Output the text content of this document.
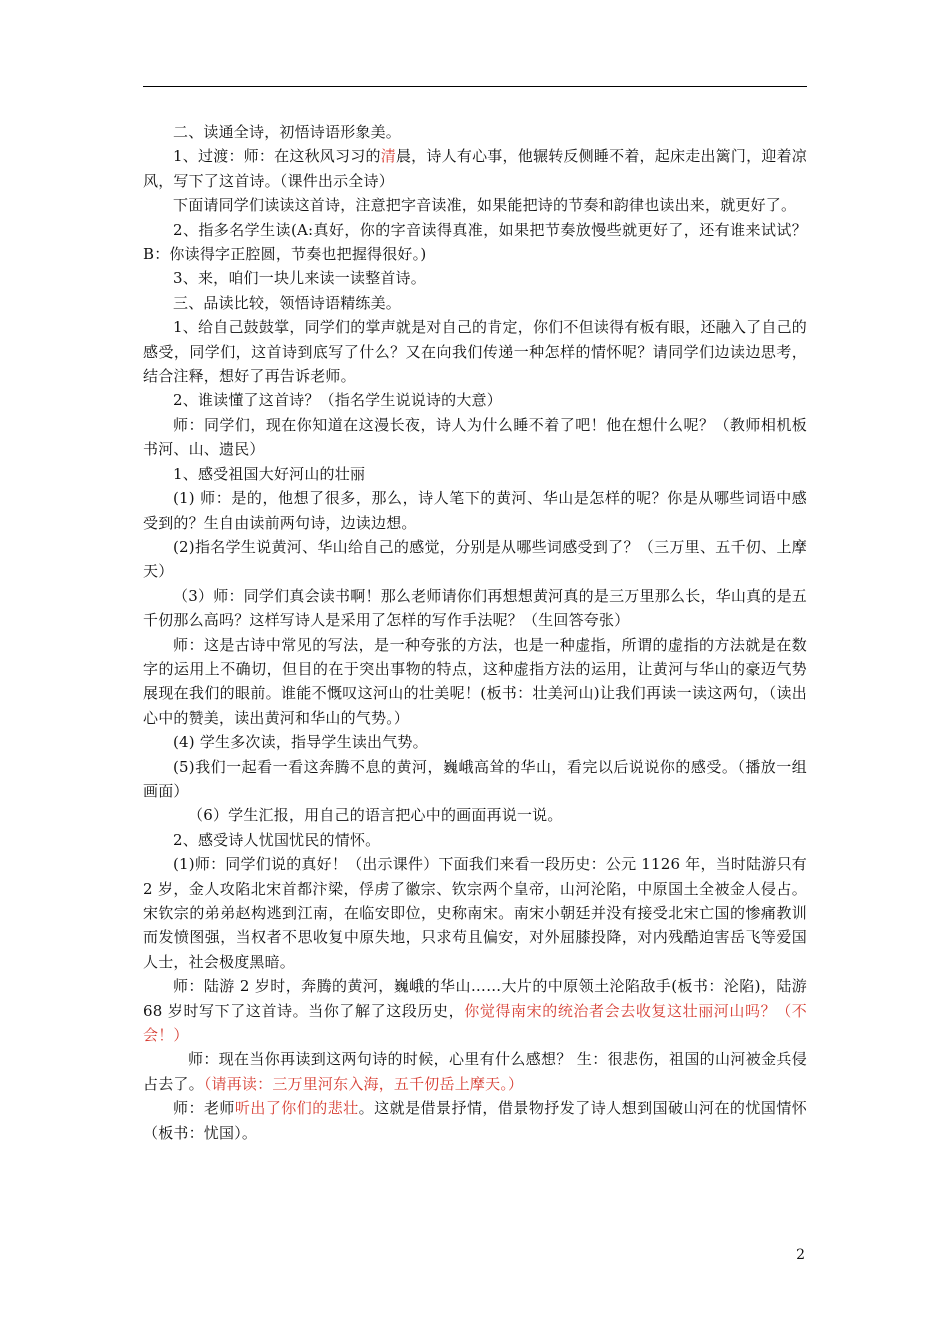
二、读通全诗，初悟诗语形象美。

1、过渡：师：在这秋风习习的清晨，诗人有心事，他辗转反侧睡不着，起床走出篱门，迎着凉风，写下了这首诗。（课件出示全诗）

下面请同学们读读这首诗，注意把字音读准，如果能把诗的节奏和韵律也读出来，就更好了。

2、指多名学生读(A:真好，你的字音读得真准，如果把节奏放慢些就更好了，还有谁来试试？B：你读得字正腔圆，节奏也把握得很好。)

3、来，咱们一块儿来读一读整首诗。

三、品读比较，领悟诗语精练美。

1、给自己鼓鼓掌，同学们的掌声就是对自己的肯定，你们不但读得有板有眼，还融入了自己的感受，同学们，这首诗到底写了什么？又在向我们传递一种怎样的情怀呢？请同学们边读边思考，结合注释，想好了再告诉老师。

2、谁读懂了这首诗？（指名学生说说诗的大意）

师：同学们，现在你知道在这漫长夜，诗人为什么睡不着了吧！他在想什么呢？（教师相机板书河、山、遗民）

1、感受祖国大好河山的壮丽

(1) 师：是的，他想了很多，那么，诗人笔下的黄河、华山是怎样的呢？你是从哪些词语中感受到的？生自由读前两句诗，边读边想。

(2)指名学生说黄河、华山给自己的感觉，分别是从哪些词感受到了？（三万里、五千仞、上摩天）

（3）师：同学们真会读书啊！那么老师请你们再想想黄河真的是三万里那么长，华山真的是五千仞那么高吗？这样写诗人是采用了怎样的写作手法呢？（生回答夸张）

师：这是古诗中常见的写法，是一种夸张的方法，也是一种虚指，所谓的虚指的方法就是在数字的运用上不确切，但目的在于突出事物的特点，这种虚指方法的运用，让黄河与华山的豪迈气势展现在我们的眼前。谁能不慨叹这河山的壮美呢！(板书：壮美河山)让我们再读一读这两句，（读出心中的赞美，读出黄河和华山的气势。）

(4) 学生多次读，指导学生读出气势。

(5)我们一起看一看这奔腾不息的黄河，巍峨高耸的华山，看完以后说说你的感受。（播放一组画面）

（6）学生汇报，用自己的语言把心中的画面再说一说。

2、感受诗人忧国忧民的情怀。

(1)师：同学们说的真好！（出示课件）下面我们来看一段历史：公元 1126 年，当时陆游只有 2 岁，金人攻陷北宋首都汴梁，俘虏了徽宗、钦宗两个皇帝，山河沦陷，中原国土全被金人侵占。宋钦宗的弟弟赵构逃到江南，在临安即位，史称南宋。南宋小朝廷并没有接受北宋亡国的惨痛教训而发愤图强，当权者不思收复中原失地，只求苟且偏安，对外屈膝投降，对内残酷迫害岳飞等爱国人士，社会极度黑暗。

师：陆游 2 岁时，奔腾的黄河，巍峨的华山……大片的中原领土沦陷敌手(板书：沦陷)，陆游 68 岁时写下了这首诗。当你了解了这段历史，你觉得南宋的统治者会去收复这壮丽河山吗？（不会！）

师：现在当你再读到这两句诗的时候，心里有什么感想？ 生：很悲伤，祖国的山河被金兵侵占去了。（请再读：三万里河东入海，五千仞岳上摩天。）

师：老师听出了你们的悲壮。这就是借景抒情，借景物抒发了诗人想到国破山河在的忧国情怀（板书：忧国）。

2
